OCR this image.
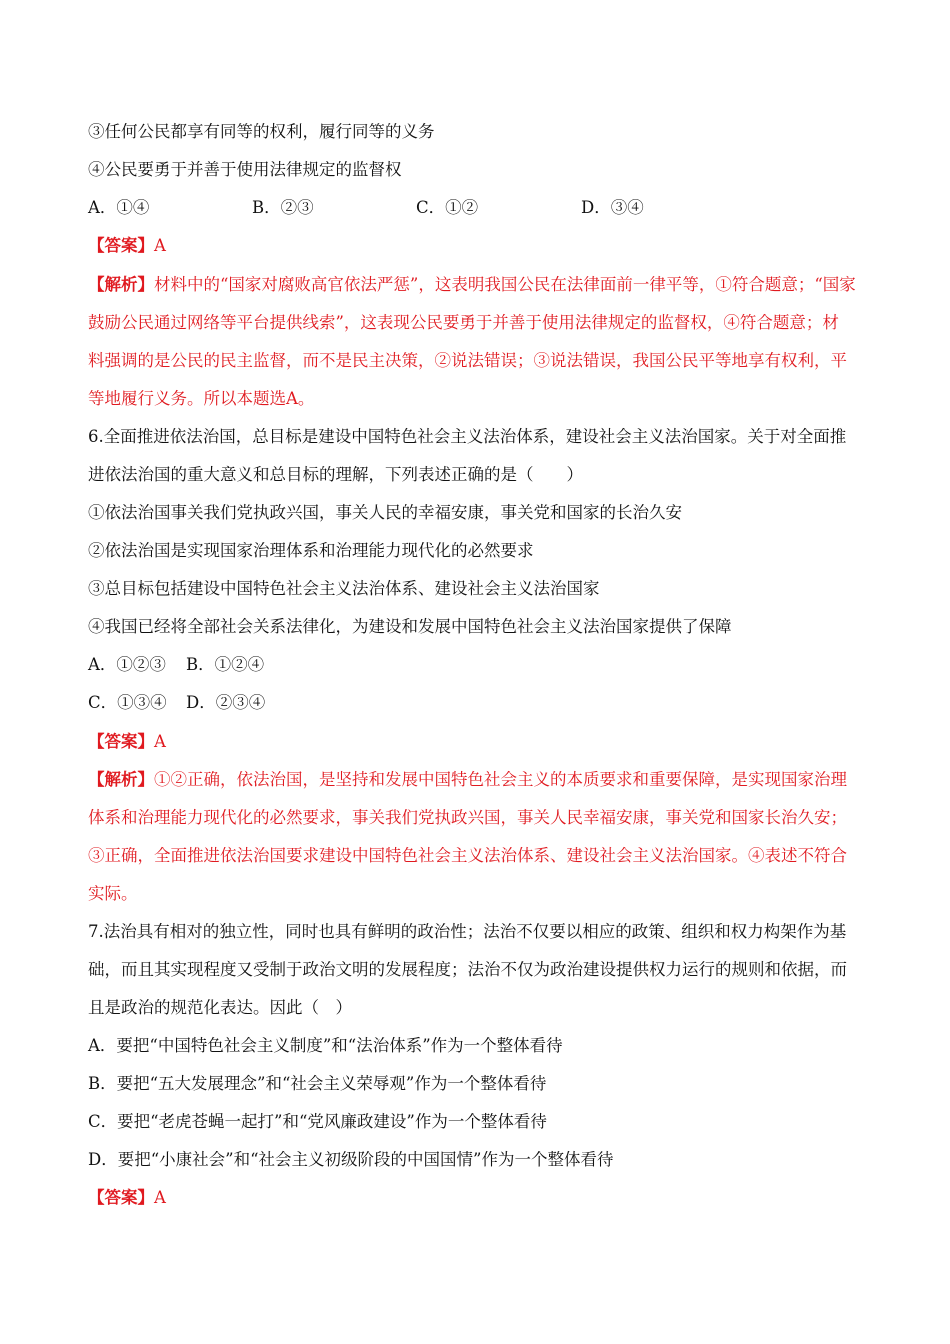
③任何公民都享有同等的权利，履行同等的义务
④公民要勇于并善于使用法律规定的监督权
A．①④	B．②③	C．①②	D．③④
【答案】A
【解析】材料中的“国家对腐败高官依法严惩”，这表明我国公民在法律面前一律平等，①符合题意；“国家
鼓励公民通过网络等平台提供线索”，这表现公民要勇于并善于使用法律规定的监督权，④符合题意；材
料强调的是公民的民主监督，而不是民主决策，②说法错误；③说法错误，我国公民平等地享有权利，平
等地履行义务。所以本题选A。
6.全面推进依法治国，总目标是建设中国特色社会主义法治体系，建设社会主义法治国家。关于对全面推
进依法治国的重大意义和总目标的理解，下列表述正确的是（　　）
①依法治国事关我们党执政兴国，事关人民的幸福安康，事关党和国家的长治久安
②依法治国是实现国家治理体系和治理能力现代化的必然要求
③总目标包括建设中国特色社会主义法治体系、建设社会主义法治国家
④我国已经将全部社会关系法律化，为建设和发展中国特色社会主义法治国家提供了保障
A．①②③ B．①②④
C．①③④ D．②③④
【答案】A
【解析】①②正确，依法治国，是坚持和发展中国特色社会主义的本质要求和重要保障，是实现国家治理
体系和治理能力现代化的必然要求，事关我们党执政兴国，事关人民幸福安康，事关党和国家长治久安；
③正确，全面推进依法治国要求建设中国特色社会主义法治体系、建设社会主义法治国家。④表述不符合
实际。
7.法治具有相对的独立性，同时也具有鲜明的政治性；法治不仅要以相应的政策、组织和权力构架作为基
础，而且其实现程度又受制于政治文明的发展程度；法治不仅为政治建设提供权力运行的规则和依据，而
且是政治的规范化表达。因此（　）
A．要把“中国特色社会主义制度”和“法治体系”作为一个整体看待
B．要把“五大发展理念”和“社会主义荣辱观”作为一个整体看待
C．要把“老虎苍蝇一起打”和“党风廉政建设”作为一个整体看待
D．要把“小康社会”和“社会主义初级阶段的中国国情”作为一个整体看待
【答案】A
